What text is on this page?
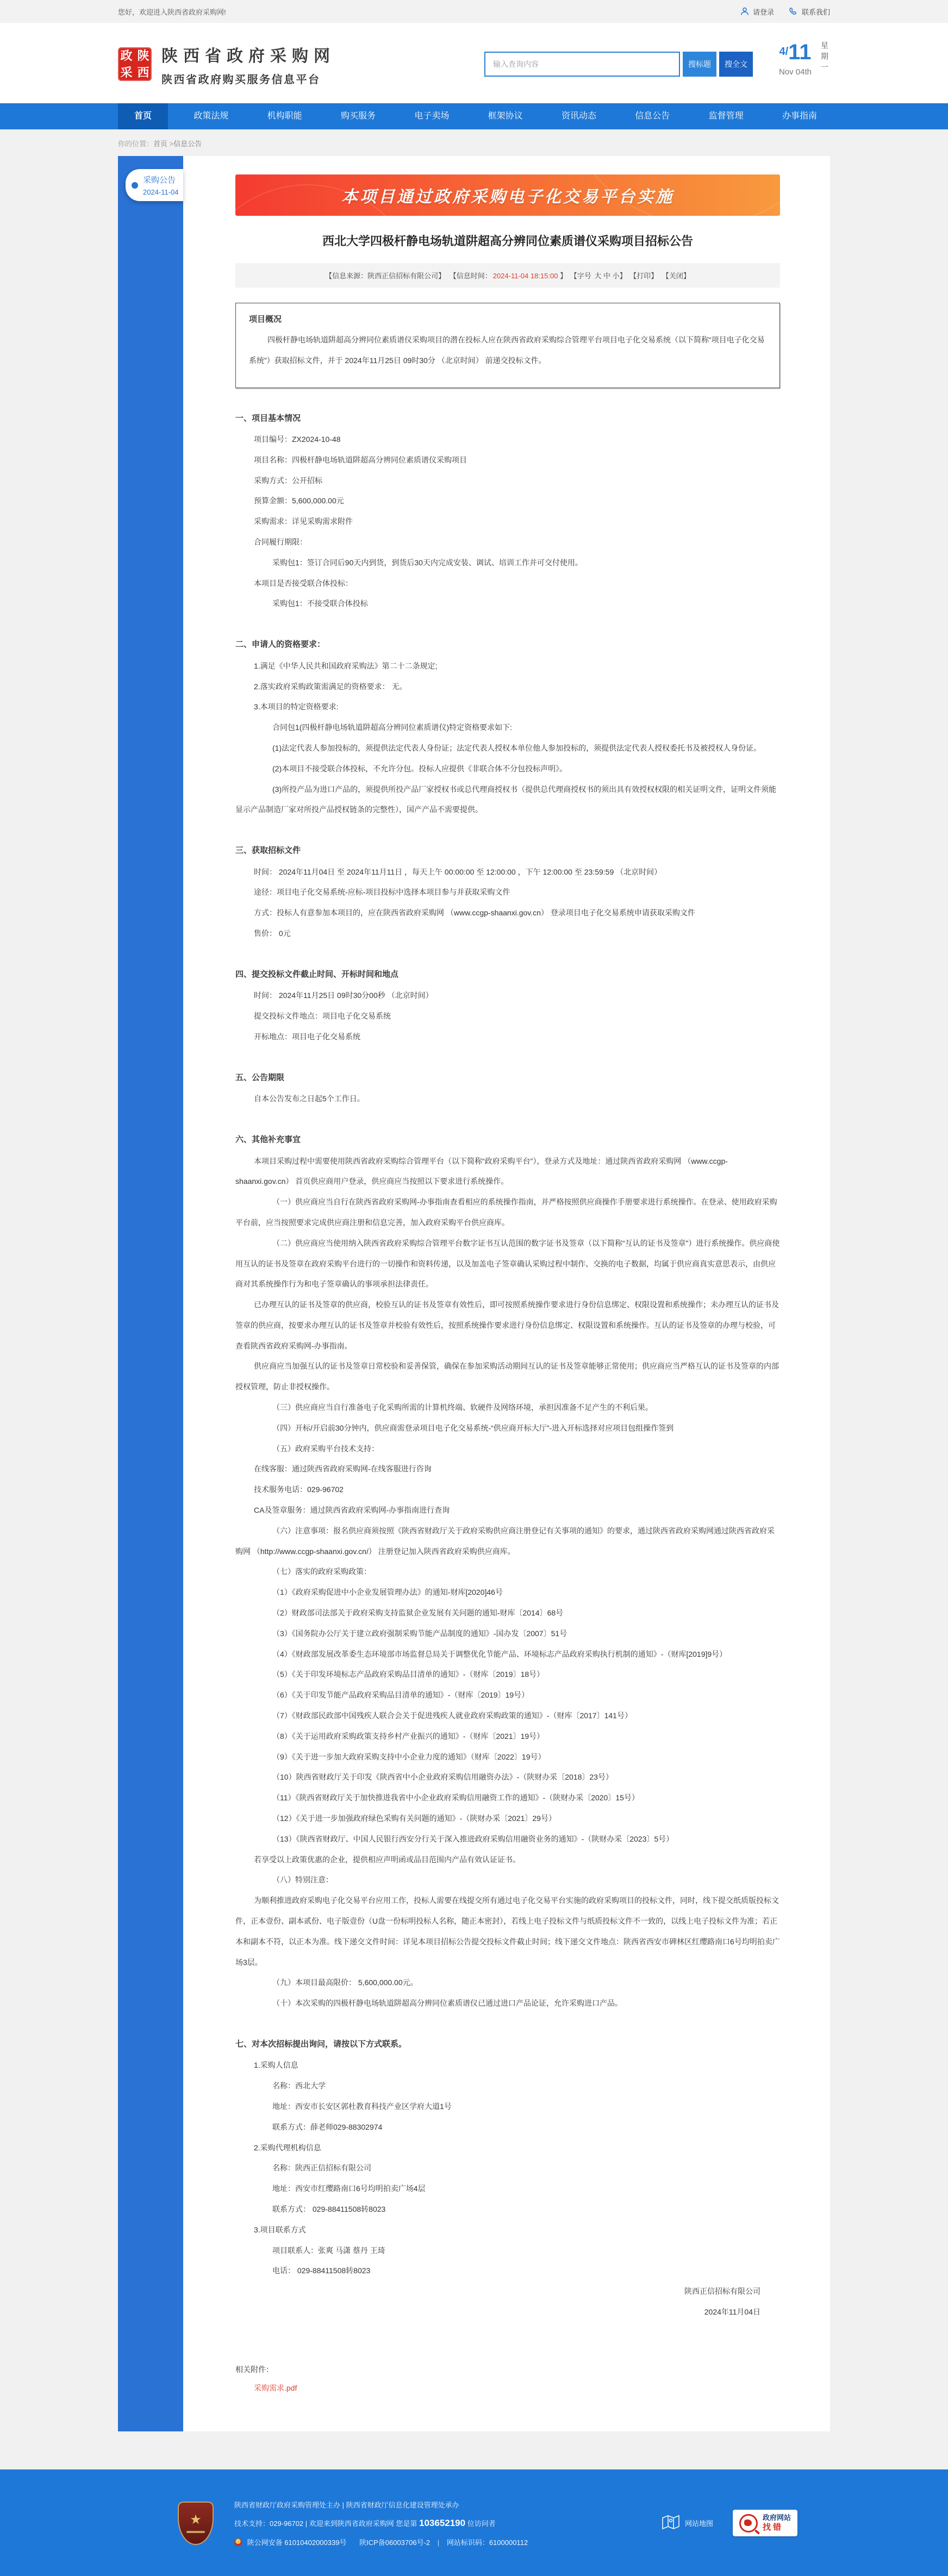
您好，欢迎进入陕西省政府采购网!	请登录	联系我们
政 陕
采 西
陕西省政府采购网
陕西省政府购买服务信息平台
输入查询内容
搜标题	搜全文
4/11
Nov 04th 星期一
首页	政策法规	机构职能	购买服务	电子卖场	框架协议	资讯动态	信息公告	监督管理	办事指南
你的位置：首页 >信息公告
采购公告
2024-11-04	本项目通过政府采购电子化交易平台实施
西北大学四极杆静电场轨道阱超高分辨同位素质谱仪采购项目招标公告
【信息来源：陕西正信招标有限公司】 【信息时间： 2024-11-04 18:15:00 】 【字号 大 中 小】 【打印】 【关闭】
项目概况

四极杆静电场轨道阱超高分辨同位素质谱仪采购项目的潜在投标人应在陕西省政府采购综合管理平台项目电子化交易系统（以下简称“项目电子化交易系统”）获取招标文件，并于 2024年11月25日 09时30分 （北京时间） 前递交投标文件。

一、项目基本情况
项目编号：ZX2024-10-48
项目名称：四极杆静电场轨道阱超高分辨同位素质谱仪采购项目
采购方式：公开招标
预算金额：5,600,000.00元
采购需求：详见采购需求附件
合同履行期限：
采购包1：签订合同后90天内到货，到货后30天内完成安装、调试、培训工作并可交付使用。
本项目是否接受联合体投标：
采购包1：不接受联合体投标
二、申请人的资格要求：
1.满足《中华人民共和国政府采购法》第二十二条规定;
2.落实政府采购政策需满足的资格要求： 无。
3.本项目的特定资格要求:
合同包1(四极杆静电场轨道阱超高分辨同位素质谱仪)特定资格要求如下:
(1)法定代表人参加投标的，须提供法定代表人身份证；法定代表人授权本单位他人参加投标的，须提供法定代表人授权委托书及被授权人身份证。
(2)本项目不接受联合体投标，不允许分包。投标人应提供《非联合体不分包投标声明》。
(3)所投产品为进口产品的，须提供所投产品厂家授权书或总代理商授权书（提供总代理商授权书的须出具有效授权权限的相关证明文件，证明文件须能显示产品制造厂家对所投产品授权链条的完整性），国产产品不需要提供。
三、获取招标文件
时间： 2024年11月04日 至 2024年11月11日 ，每天上午 00:00:00 至 12:00:00 ，下午 12:00:00 至 23:59:59 （北京时间）
途径：项目电子化交易系统-应标-项目投标中选择本项目参与并获取采购文件
方式：投标人有意参加本项目的，应在陕西省政府采购网 （www.ccgp-shaanxi.gov.cn） 登录项目电子化交易系统申请获取采购文件
售价： 0元
四、提交投标文件截止时间、开标时间和地点
时间： 2024年11月25日 09时30分00秒 （北京时间）
提交投标文件地点：项目电子化交易系统
开标地点：项目电子化交易系统
五、公告期限
自本公告发布之日起5个工作日。
六、其他补充事宜
本项目采购过程中需要使用陕西省政府采购综合管理平台（以下简称“政府采购平台”），登录方式及地址：通过陕西省政府采购网 （www.ccgp-shaanxi.gov.cn） 首页供应商用户登录，供应商应当按照以下要求进行系统操作。
（一）供应商应当自行在陕西省政府采购网-办事指南查看相应的系统操作指南，并严格按照供应商操作手册要求进行系统操作。在登录、使用政府采购平台前，应当按照要求完成供应商注册和信息完善，加入政府采购平台供应商库。
（二）供应商应当使用纳入陕西省政府采购综合管理平台数字证书互认范围的数字证书及签章（以下简称“互认的证书及签章”）进行系统操作。供应商使用互认的证书及签章在政府采购平台进行的一切操作和资料传递，以及加盖电子签章确认采购过程中制作、交换的电子数据，均属于供应商真实意思表示，由供应商对其系统操作行为和电子签章确认的事项承担法律责任。
已办理互认的证书及签章的供应商，校验互认的证书及签章有效性后，即可按照系统操作要求进行身份信息绑定、权限设置和系统操作；未办理互认的证书及签章的供应商，按要求办理互认的证书及签章并校验有效性后，按照系统操作要求进行身份信息绑定、权限设置和系统操作。互认的证书及签章的办理与校验，可查看陕西省政府采购网-办事指南。
供应商应当加强互认的证书及签章日常校验和妥善保管，确保在参加采购活动期间互认的证书及签章能够正常使用；供应商应当严格互认的证书及签章的内部授权管理，防止非授权操作。
（三）供应商应当自行准备电子化采购所需的计算机终端、软硬件及网络环境，承担因准备不足产生的不利后果。
（四）开标/开启前30分钟内，供应商需登录项目电子化交易系统-“供应商开标大厅”-进入开标选择对应项目包组操作签到
（五）政府采购平台技术支持：
在线客服：通过陕西省政府采购网-在线客服进行咨询
技术服务电话：029-96702
CA及签章服务：通过陕西省政府采购网-办事指南进行查询
（六）注意事项：报名供应商须按照《陕西省财政厅关于政府采购供应商注册登记有关事项的通知》的要求，通过陕西省政府采购网通过陕西省政府采购网 （http://www.ccgp-shaanxi.gov.cn/） 注册登记加入陕西省政府采购供应商库。
（七）落实的政府采购政策：
（1）《政府采购促进中小企业发展管理办法》的通知-财库[2020]46号
（2）财政部司法部关于政府采购支持监狱企业发展有关问题的通知-财库〔2014〕68号
（3）《国务院办公厅关于建立政府强制采购节能产品制度的通知》-国办发〔2007〕51号
（4）《财政部发展改革委生态环境部市场监督总局关于调整优化节能产品、环境标志产品政府采购执行机制的通知》-（财库[2019]9号）
（5）《关于印发环境标志产品政府采购品目清单的通知》-（财库〔2019〕18号）
（6）《关于印发节能产品政府采购品目清单的通知》-（财库〔2019〕19号）
（7）《财政部民政部中国残疾人联合会关于促进残疾人就业政府采购政策的通知》-（财库〔2017〕141号）
（8）《关于运用政府采购政策支持乡村产业振兴的通知》-（财库〔2021〕19号）
（9）《关于进一步加大政府采购支持中小企业力度的通知》（财库〔2022〕19号）
（10）陕西省财政厅关于印发《陕西省中小企业政府采购信用融资办法》-（陕财办采〔2018〕23号）
（11）《陕西省财政厅关于加快推进我省中小企业政府采购信用融资工作的通知》-（陕财办采〔2020〕15号）
（12）《关于进一步加强政府绿色采购有关问题的通知》-（陕财办采〔2021〕29号）
（13）《陕西省财政厅、中国人民银行西安分行关于深入推进政府采购信用融资业务的通知》-（陕财办采〔2023〕5号）
若享受以上政策优惠的企业，提供相应声明函或品目范围内产品有效认证证书。
（八）特别注意：
为顺利推进政府采购电子化交易平台应用工作，投标人需要在线提交所有通过电子化交易平台实施的政府采购项目的投标文件，同时，线下提交纸质版投标文件，正本壹份、副本贰份、电子版壹份（U盘一份标明投标人名称，随正本密封），若线上电子投标文件与纸质投标文件不一致的，以线上电子投标文件为准；若正本和副本不符，以正本为准。线下递交文件时间：详见本项目招标公告提交投标文件截止时间；线下递交文件地点：陕西省西安市碑林区红缨路南口6号均明拍卖广场3层。
（九）本项目最高限价： 5,600,000.00元。
（十）本次采购的四极杆静电场轨道阱超高分辨同位素质谱仪已通过进口产品论证，允许采购进口产品。
七、对本次招标提出询问，请按以下方式联系。
1.采购人信息
名称：西北大学
地址：西安市长安区郭杜教育科技产业区学府大道1号
联系方式：薛老师029-88302974
2.采购代理机构信息
名称：陕西正信招标有限公司
地址：西安市红缨路南口6号均明拍卖广场4层
联系方式： 029-88411508转8023
3.项目联系方式
项目联系人：张爽 马潇 蔡丹 王琦
电话： 029-88411508转8023
陕西正信招标有限公司
2024年11月04日
相关附件：
采购需求.pdf
★
陕西省财政厅政府采购管理处主办 | 陕西省财政厅信息化建设管理处承办
技术支持：029-96702 | 欢迎来到陕西省政府采购网 您是第 103652190 位访问者
陕公网安备 61010402000339号 陕ICP备06003706号-2 | 网站标识码：6100000112
网站地图
政府网站
找错
